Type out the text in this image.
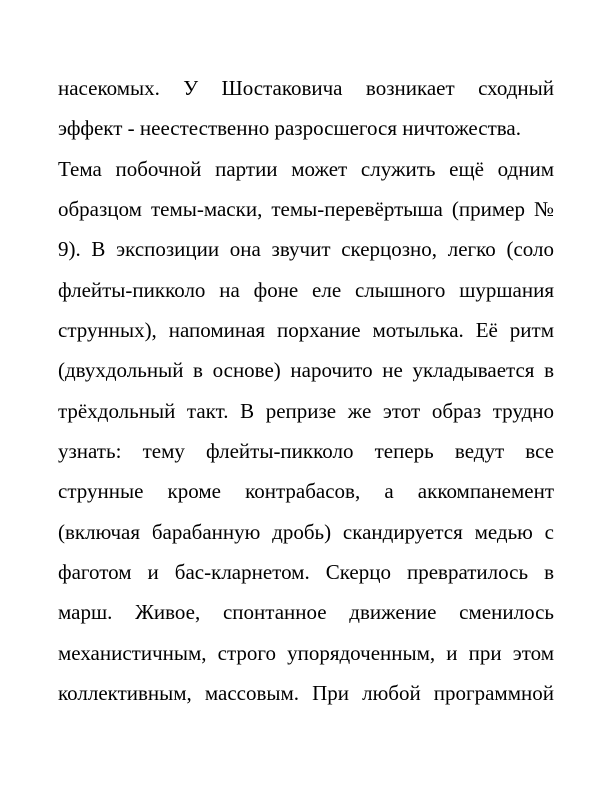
насекомых. У Шостаковича возникает сходный
эффект - неестественно разросшегося ничтожества.
Тема побочной партии может служить ещё одним
образцом темы-маски, темы-перевёртыша (пример №
9). В экспозиции она звучит скерцозно, легко (соло
флейты-пикколо на фоне еле слышного шуршания
струнных), напоминая порхание мотылька. Её ритм
(двухдольный в основе) нарочито не укладывается в
трёхдольный такт. В репризе же этот образ трудно
узнать: тему флейты-пикколо теперь ведут все
струнные кроме контрабасов, а аккомпанемент
(включая барабанную дробь) скандируется медью с
фаготом и бас-кларнетом. Скерцо превратилось в
марш. Живое, спонтанное движение сменилось
механистичным, строго упорядоченным, и при этом
коллективным, массовым. При любой программной
